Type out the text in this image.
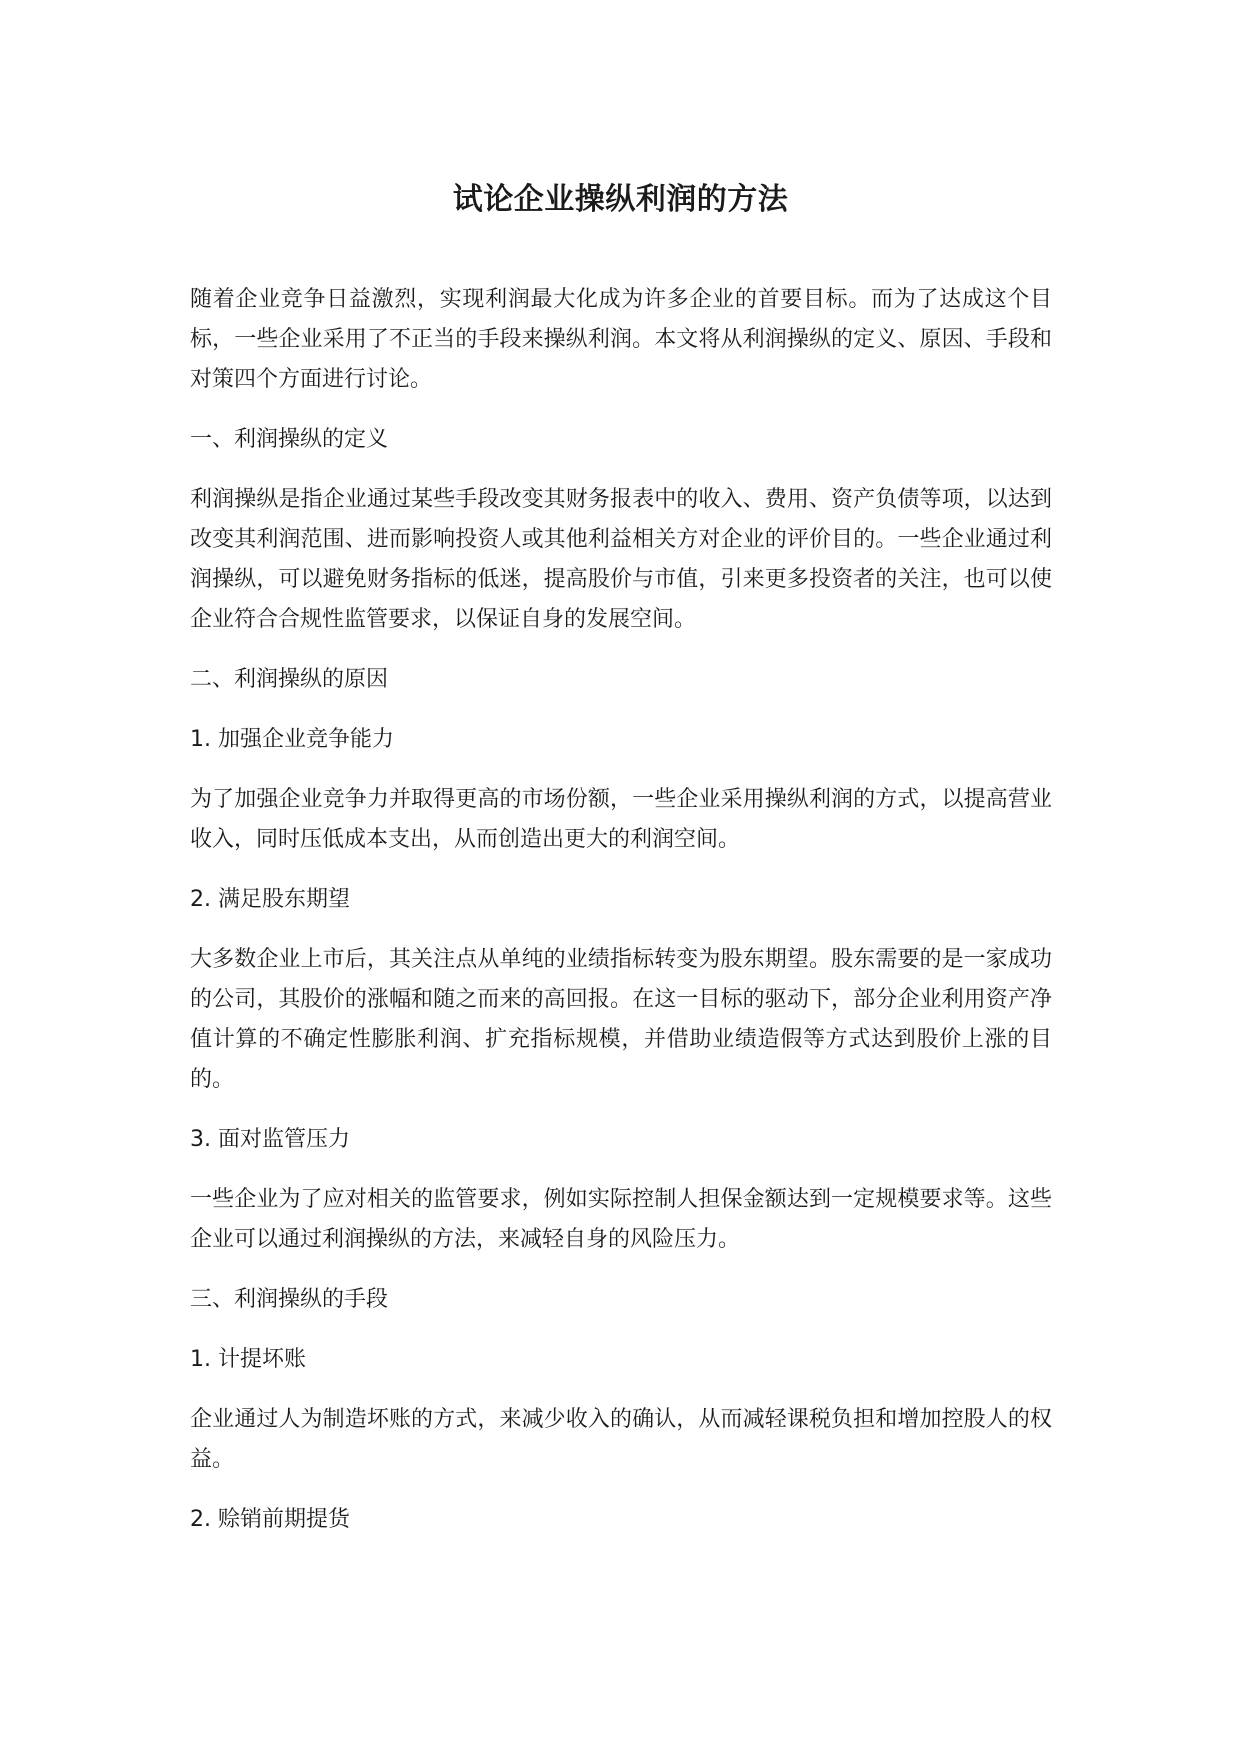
试论企业操纵利润的方法

随着企业竞争日益激烈，实现利润最大化成为许多企业的首要目标。而为了达成这个目标，一些企业采用了不正当的手段来操纵利润。本文将从利润操纵的定义、原因、手段和对策四个方面进行讨论。

一、利润操纵的定义

利润操纵是指企业通过某些手段改变其财务报表中的收入、费用、资产负债等项，以达到改变其利润范围、进而影响投资人或其他利益相关方对企业的评价目的。一些企业通过利润操纵，可以避免财务指标的低迷，提高股价与市值，引来更多投资者的关注，也可以使企业符合合规性监管要求，以保证自身的发展空间。

二、利润操纵的原因

1. 加强企业竞争能力

为了加强企业竞争力并取得更高的市场份额，一些企业采用操纵利润的方式，以提高营业收入，同时压低成本支出，从而创造出更大的利润空间。

2. 满足股东期望

大多数企业上市后，其关注点从单纯的业绩指标转变为股东期望。股东需要的是一家成功的公司，其股价的涨幅和随之而来的高回报。在这一目标的驱动下，部分企业利用资产净值计算的不确定性膨胀利润、扩充指标规模，并借助业绩造假等方式达到股价上涨的目的。

3. 面对监管压力

一些企业为了应对相关的监管要求，例如实际控制人担保金额达到一定规模要求等。这些企业可以通过利润操纵的方法，来减轻自身的风险压力。

三、利润操纵的手段

1. 计提坏账

企业通过人为制造坏账的方式，来减少收入的确认，从而减轻课税负担和增加控股人的权益。

2. 赊销前期提货
